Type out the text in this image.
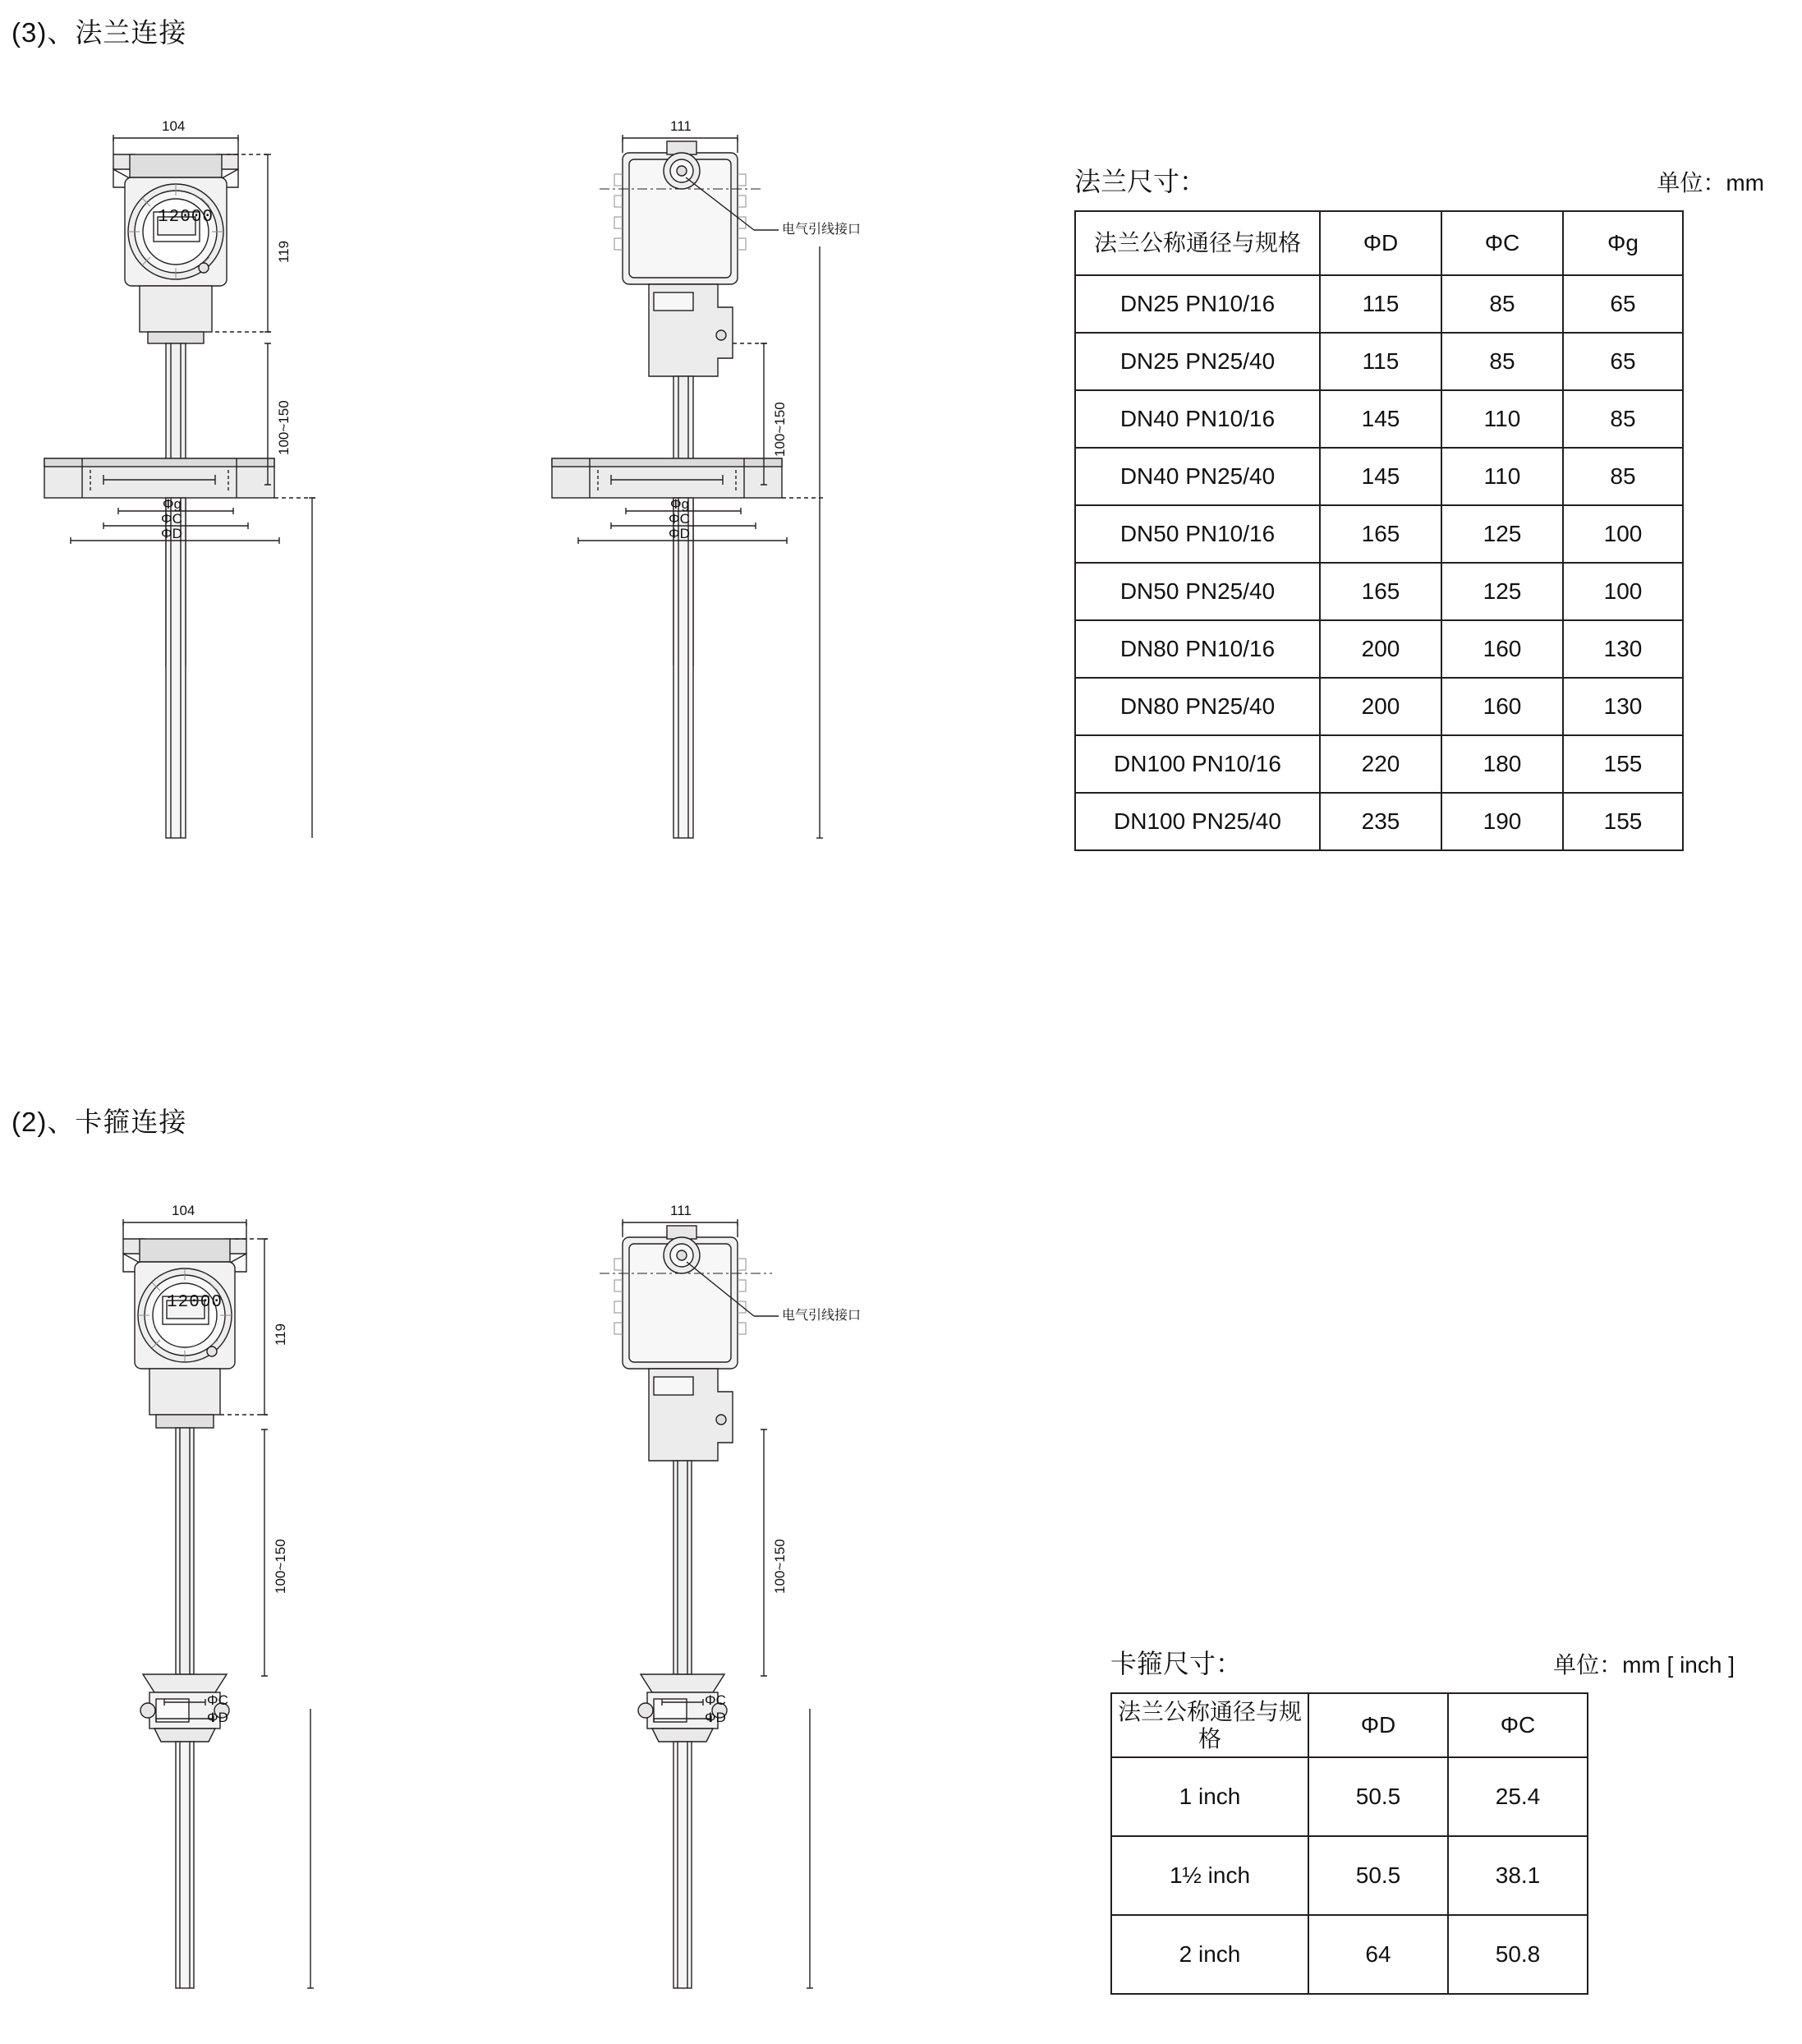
(3)、法兰连接
104
119
100~150
12000
Φg
ΦC
ΦD
111
100~150
电气引线接口
Φg
ΦC
ΦD
法兰尺寸：	单位：mm
法兰公称通径与规格	ΦD	ΦC	Φg
DN25 PN10/16	115	85	65
DN25 PN25/40	115	85	65
DN40 PN10/16	145	110	85
DN40 PN25/40	145	110	85
DN50 PN10/16	165	125	100
DN50 PN25/40	165	125	100
DN80 PN10/16	200	160	130
DN80 PN25/40	200	160	130
DN100 PN10/16	220	180	155
DN100 PN25/40	235	190	155
(2)、卡箍连接
104
119
100~150
12000
ΦC
ΦD
111
100~150
电气引线接口
ΦC
ΦD
卡箍尺寸：	单位：mm [ inch ]
法兰公称通径与规格	ΦD	ΦC
1 inch	50.5	25.4
1½ inch	50.5	38.1
2 inch	64	50.8
